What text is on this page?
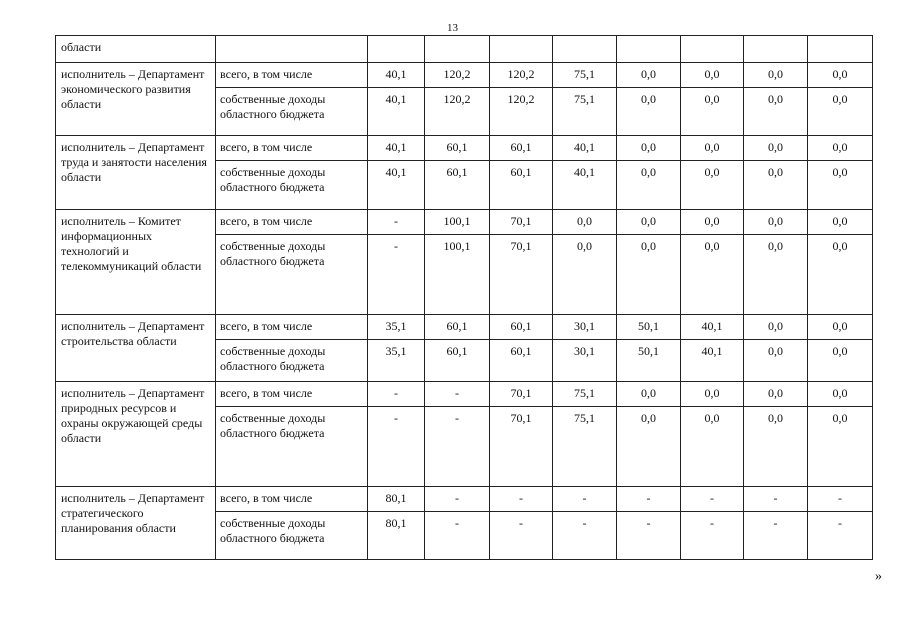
13
области									
исполнитель – Департамент экономического развития области	всего, в том числе	40,1	120,2	120,2	75,1	0,0	0,0	0,0	0,0
	собственные доходы областного бюджета	40,1	120,2	120,2	75,1	0,0	0,0	0,0	0,0
исполнитель – Департамент труда и занятости населения области	всего, в том числе	40,1	60,1	60,1	40,1	0,0	0,0	0,0	0,0
	собственные доходы областного бюджета	40,1	60,1	60,1	40,1	0,0	0,0	0,0	0,0
исполнитель – Комитет информационных технологий и телекоммуникаций области	всего, в том числе	-	100,1	70,1	0,0	0,0	0,0	0,0	0,0
	собственные доходы областного бюджета	-	100,1	70,1	0,0	0,0	0,0	0,0	0,0
исполнитель – Департамент строительства области	всего, в том числе	35,1	60,1	60,1	30,1	50,1	40,1	0,0	0,0
	собственные доходы областного бюджета	35,1	60,1	60,1	30,1	50,1	40,1	0,0	0,0
исполнитель – Департамент природных ресурсов и охраны окружающей среды области	всего, в том числе	-	-	70,1	75,1	0,0	0,0	0,0	0,0
	собственные доходы областного бюджета	-	-	70,1	75,1	0,0	0,0	0,0	0,0
исполнитель – Департамент стратегического планирования области	всего, в том числе	80,1	-	-	-	-	-	-	-
	собственные доходы областного бюджета	80,1	-	-	-	-	-	-	-
»
